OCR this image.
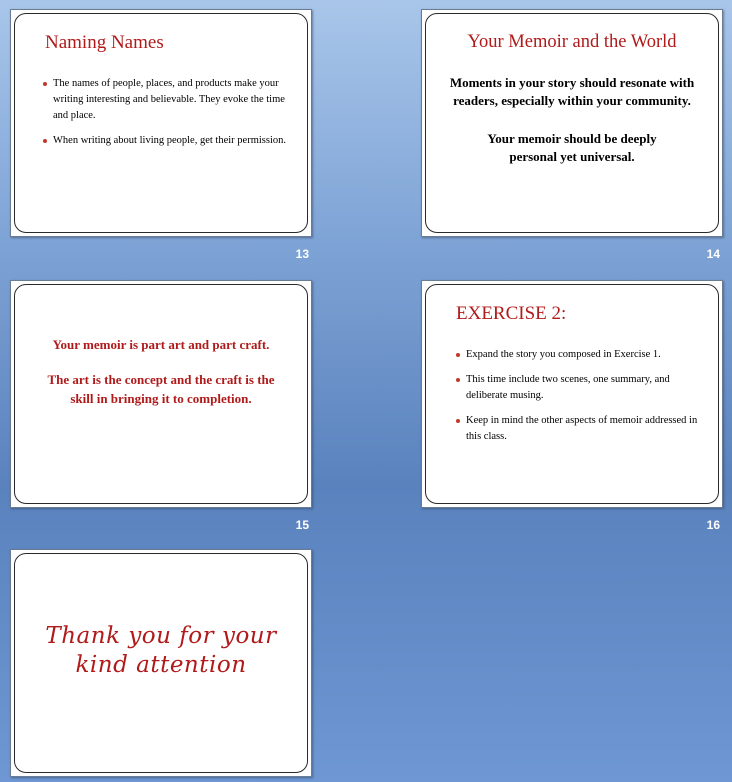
Naming Names
The names of people, places, and products make your writing interesting and believable. They evoke the time and place.
When writing about living people, get their permission.
13
Your Memoir and the World

Moments in your story should resonate with readers, especially within your community.

Your memoir should be deeply personal yet universal.

14

Your memoir is part art and part craft.

The art is the concept and the craft is the skill in bringing it to completion.

15
EXERCISE 2:
Expand the story you composed in Exercise 1.
This time include two scenes, one summary, and deliberate musing.
Keep in mind the other aspects of memoir addressed in this class.
16

Thank you for your

kind attention
